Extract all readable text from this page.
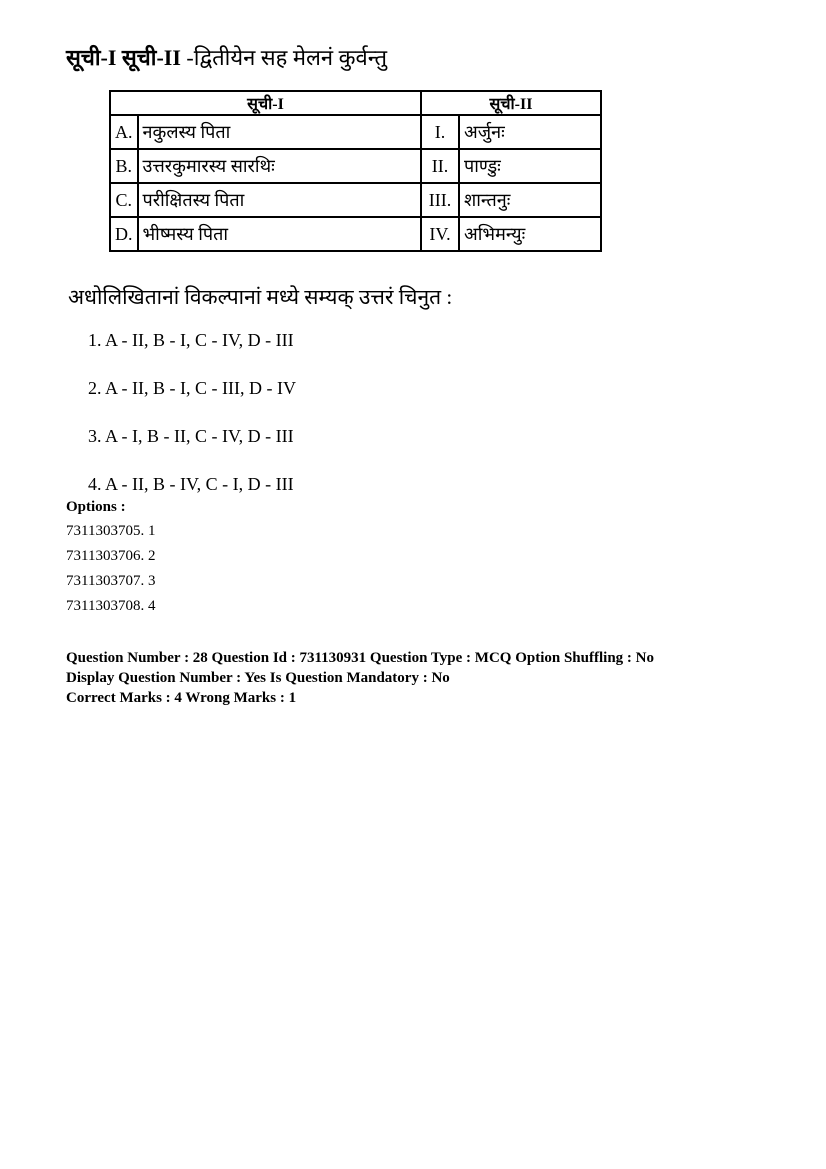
सूची-I सूची-II -द्वितीयेन सह मेलनं कुर्वन्तु
सूची-I		सूची-II	
A.	नकुलस्य पिता	I.	अर्जुनः
B.	उत्तरकुमारस्य सारथिः	II.	पाण्डुः
C.	परीक्षितस्य पिता	III.	शान्तनुः
D.	भीष्मस्य पिता	IV.	अभिमन्युः
अधोलिखितानां विकल्पानां मध्ये सम्यक् उत्तरं चिनुत :
1. A - II, B - I, C - IV, D - III
2. A - II, B - I, C - III, D - IV
3. A - I, B - II, C - IV, D - III
4. A - II, B - IV, C - I, D - III
Options :
7311303705. 1
7311303706. 2
7311303707. 3
7311303708. 4
Question Number : 28 Question Id : 731130931 Question Type : MCQ Option Shuffling : No
Display Question Number : Yes Is Question Mandatory : No
Correct Marks : 4 Wrong Marks : 1
